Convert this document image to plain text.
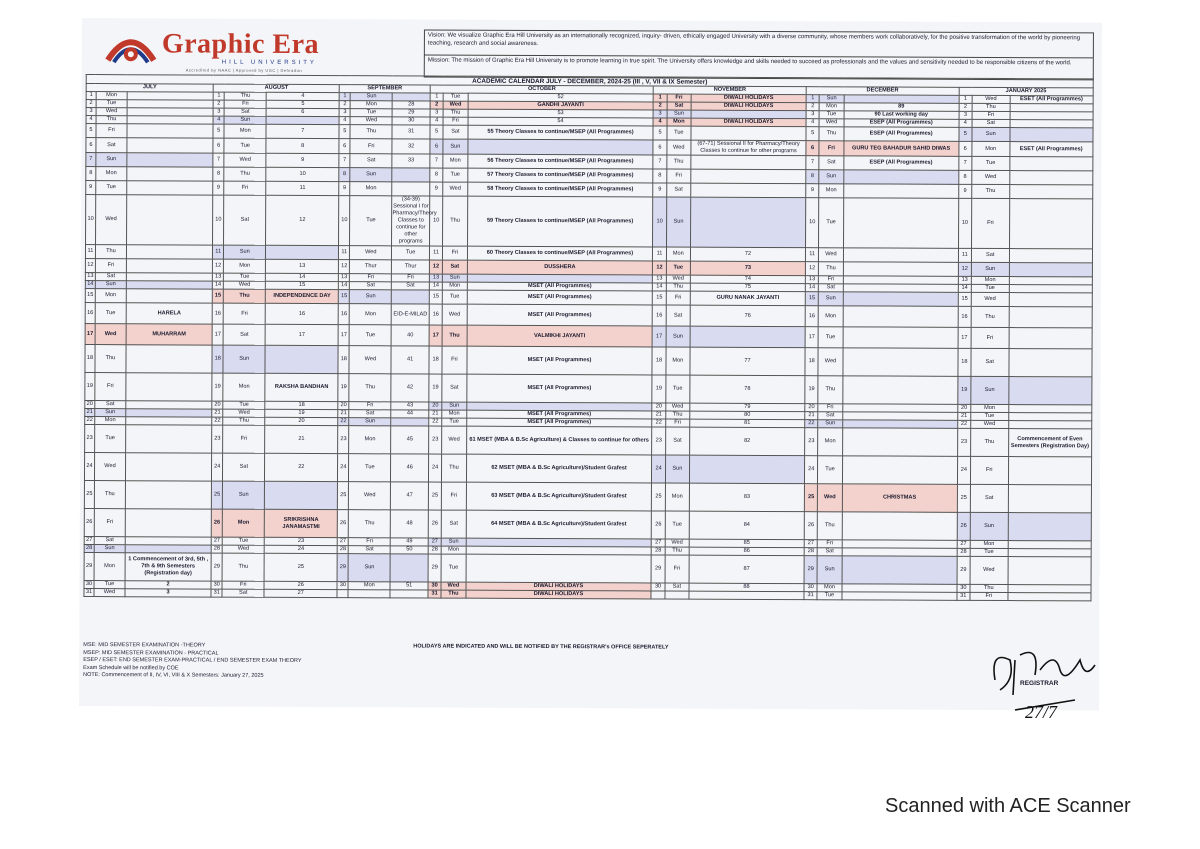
Graphic Era
HILL UNIVERSITY
Accredited by NAAC | Approved by UGC | Dehradun
Vision: We visualize Graphic Era Hill University as an internationally recognized, inquiry- driven, ethically engaged University with a diverse community, whose members work collaboratively, for the positive transformation of the world by pioneering teaching, research and social awareness.
Mission: The mission of Graphic Era Hill University is to promote learning in true spirit. The University offers knowledge and skills needed to succeed as professionals and the values and sensitivity needed to be responsible citizens of the world.
ACADEMIC CALENDAR JULY - DECEMBER, 2024-25 (III , V, VII & IX Semester)																				
JULY			AUGUST			SEPTEMBER			OCTOBER			NOVEMBER			DECEMBER			JANUARY 2025		
1	Mon		1	Thu	4	1	Sun		1	Tue	52	1	Fri	DIWALI HOLIDAYS	1	Sun		1	Wed	ESET (All Programmes)
2	Tue		2	Fri	5	2	Mon	28	2	Wed	GANDHI JAYANTI	2	Sat	DIWALI HOLIDAYS	2	Mon	89	2	Thu	
3	Wed		3	Sat	6	3	Tue	29	3	Thu	53	3	Sun		3	Tue	90 Last working day	3	Fri	
4	Thu		4	Sun		4	Wed	30	4	Fri	54	4	Mon	DIWALI HOLIDAYS	4	Wed	ESEP (All Programmes)	4	Sat	
5	Fri		5	Mon	7	5	Thu	31	5	Sat	55 Theory Classes to continue/MSEP (All Programmes)	5	Tue		5	Thu	ESEP (All Programmes)	5	Sun	
6	Sat		6	Tue	8	6	Fri	32	6	Sun		6	Wed	(67-71) Sessional II for Pharmacy/Theory Classes to continue for other programs	6	Fri	GURU TEG BAHADUR SAHID DIWAS	6	Mon	ESET (All Programmes)
7	Sun		7	Wed	9	7	Sat	33	7	Mon	56 Theory Classes to continue/MSEP (All Programmes)	7	Thu		7	Sat	ESEP (All Programmes)	7	Tue	
8	Mon		8	Thu	10	8	Sun		8	Tue	57 Theory Classes to continue/MSEP (All Programmes)	8	Fri		8	Sun		8	Wed	
9	Tue		9	Fri	11	9	Mon		9	Wed	58 Theory Classes to continue/MSEP (All Programmes)	9	Sat		9	Mon		9	Thu	
10	Wed		10	Sat	12	10	Tue	(34-39) Sessional I for Pharmacy/Theory Classes to continue for other programs	10	Thu	59 Theory Classes to continue/MSEP (All Programmes)	10	Sun		10	Tue		10	Fri	
11	Thu		11	Sun		11	Wed	Tue	11	Fri	60 Theory Classes to continue/MSEP (All Programmes)	11	Mon	72	11	Wed		11	Sat	
12	Fri		12	Mon	13	12	Thur	Thur	12	Sat	DUSSHERA	12	Tue	73	12	Thu		12	Sun	
13	Sat		13	Tue	14	13	Fri	Fri	13	Sun		13	Wed	74	13	Fri		13	Mon	
14	Sun		14	Wed	15	14	Sat	Sat	14	Mon	MSET (All Programmes)	14	Thu	75	14	Sat		14	Tue	
15	Mon		15	Thu	INDEPENDENCE DAY	15	Sun		15	Tue	MSET (All Programmes)	15	Fri	GURU NANAK JAYANTI	15	Sun		15	Wed	
16	Tue	HARELA	16	Fri	16	16	Mon	EID-E-MILAD	16	Wed	MSET (All Programmes)	16	Sat	76	16	Mon		16	Thu	
17	Wed	MUHARRAM	17	Sat	17	17	Tue	40	17	Thu	VALMIKHI JAYANTI	17	Sun		17	Tue		17	Fri	
18	Thu		18	Sun		18	Wed	41	18	Fri	MSET (All Programmes)	18	Mon	77	18	Wed		18	Sat	
19	Fri		19	Mon	RAKSHA BANDHAN	19	Thu	42	19	Sat	MSET (All Programmes)	19	Tue	78	19	Thu		19	Sun	
20	Sat		20	Tue	18	20	Fri	43	20	Sun		20	Wed	79	20	Fri		20	Mon	
21	Sun		21	Wed	19	21	Sat	44	21	Mon	MSET (All Programmes)	21	Thu	80	21	Sat		21	Tue	
22	Mon		22	Thu	20	22	Sun		22	Tue	MSET (All Programmes)	22	Fri	81	22	Sun		22	Wed	
23	Tue		23	Fri	21	23	Mon	45	23	Wed	61 MSET (MBA & B.Sc Agriculture) & Classes to continue for others	23	Sat	82	23	Mon		23	Thu	Commencement of Even Semesters (Registration Day)
24	Wed		24	Sat	22	24	Tue	46	24	Thu	62 MSET (MBA & B.Sc Agriculture)/Student Grafest	24	Sun		24	Tue		24	Fri	
25	Thu		25	Sun		25	Wed	47	25	Fri	63 MSET (MBA & B.Sc Agriculture)/Student Grafest	25	Mon	83	25	Wed	CHRISTMAS	25	Sat	
26	Fri		26	Mon	SRIKRISHNA JANAMASTMI	26	Thu	48	26	Sat	64 MSET (MBA & B.Sc Agriculture)/Student Grafest	26	Tue	84	26	Thu		26	Sun	
27	Sat		27	Tue	23	27	Fri	49	27	Sun		27	Wed	85	27	Fri		27	Mon	
28	Sun		28	Wed	24	28	Sat	50	28	Mon		28	Thu	86	28	Sat		28	Tue	
29	Mon	1 Commencement of 3rd, 5th , 7th & 9th Semesters (Registration day)	29	Thu	25	29	Sun		29	Tue		29	Fri	87	29	Sun		29	Wed	
30	Tue	2	30	Fri	26	30	Mon	51	30	Wed	DIWALI HOLIDAYS	30	Sat	88	30	Mon		30	Thu	
31	Wed	3	31	Sat	27				31	Thu	DIWALI HOLIDAYS				31	Tue		31	Fri	
MSE: MID SEMESTER EXAMINATION -THEORY
MSEP: MID SEMESTER EXAMINATION - PRACTICAL
ESEP / ESET: END SEMESTER EXAM-PRACTICAL / END SEMESTER EXAM THEORY
Exam Schedule will be notified by COE
NOTE: Commencement of II, IV, VI, VIII & X Semesters: January 27, 2025
HOLIDAYS ARE INDICATED AND WILL BE NOTIFIED BY THE REGISTRAR's OFFICE SEPERATELY
27/7
REGISTRAR
Scanned with ACE Scanner
